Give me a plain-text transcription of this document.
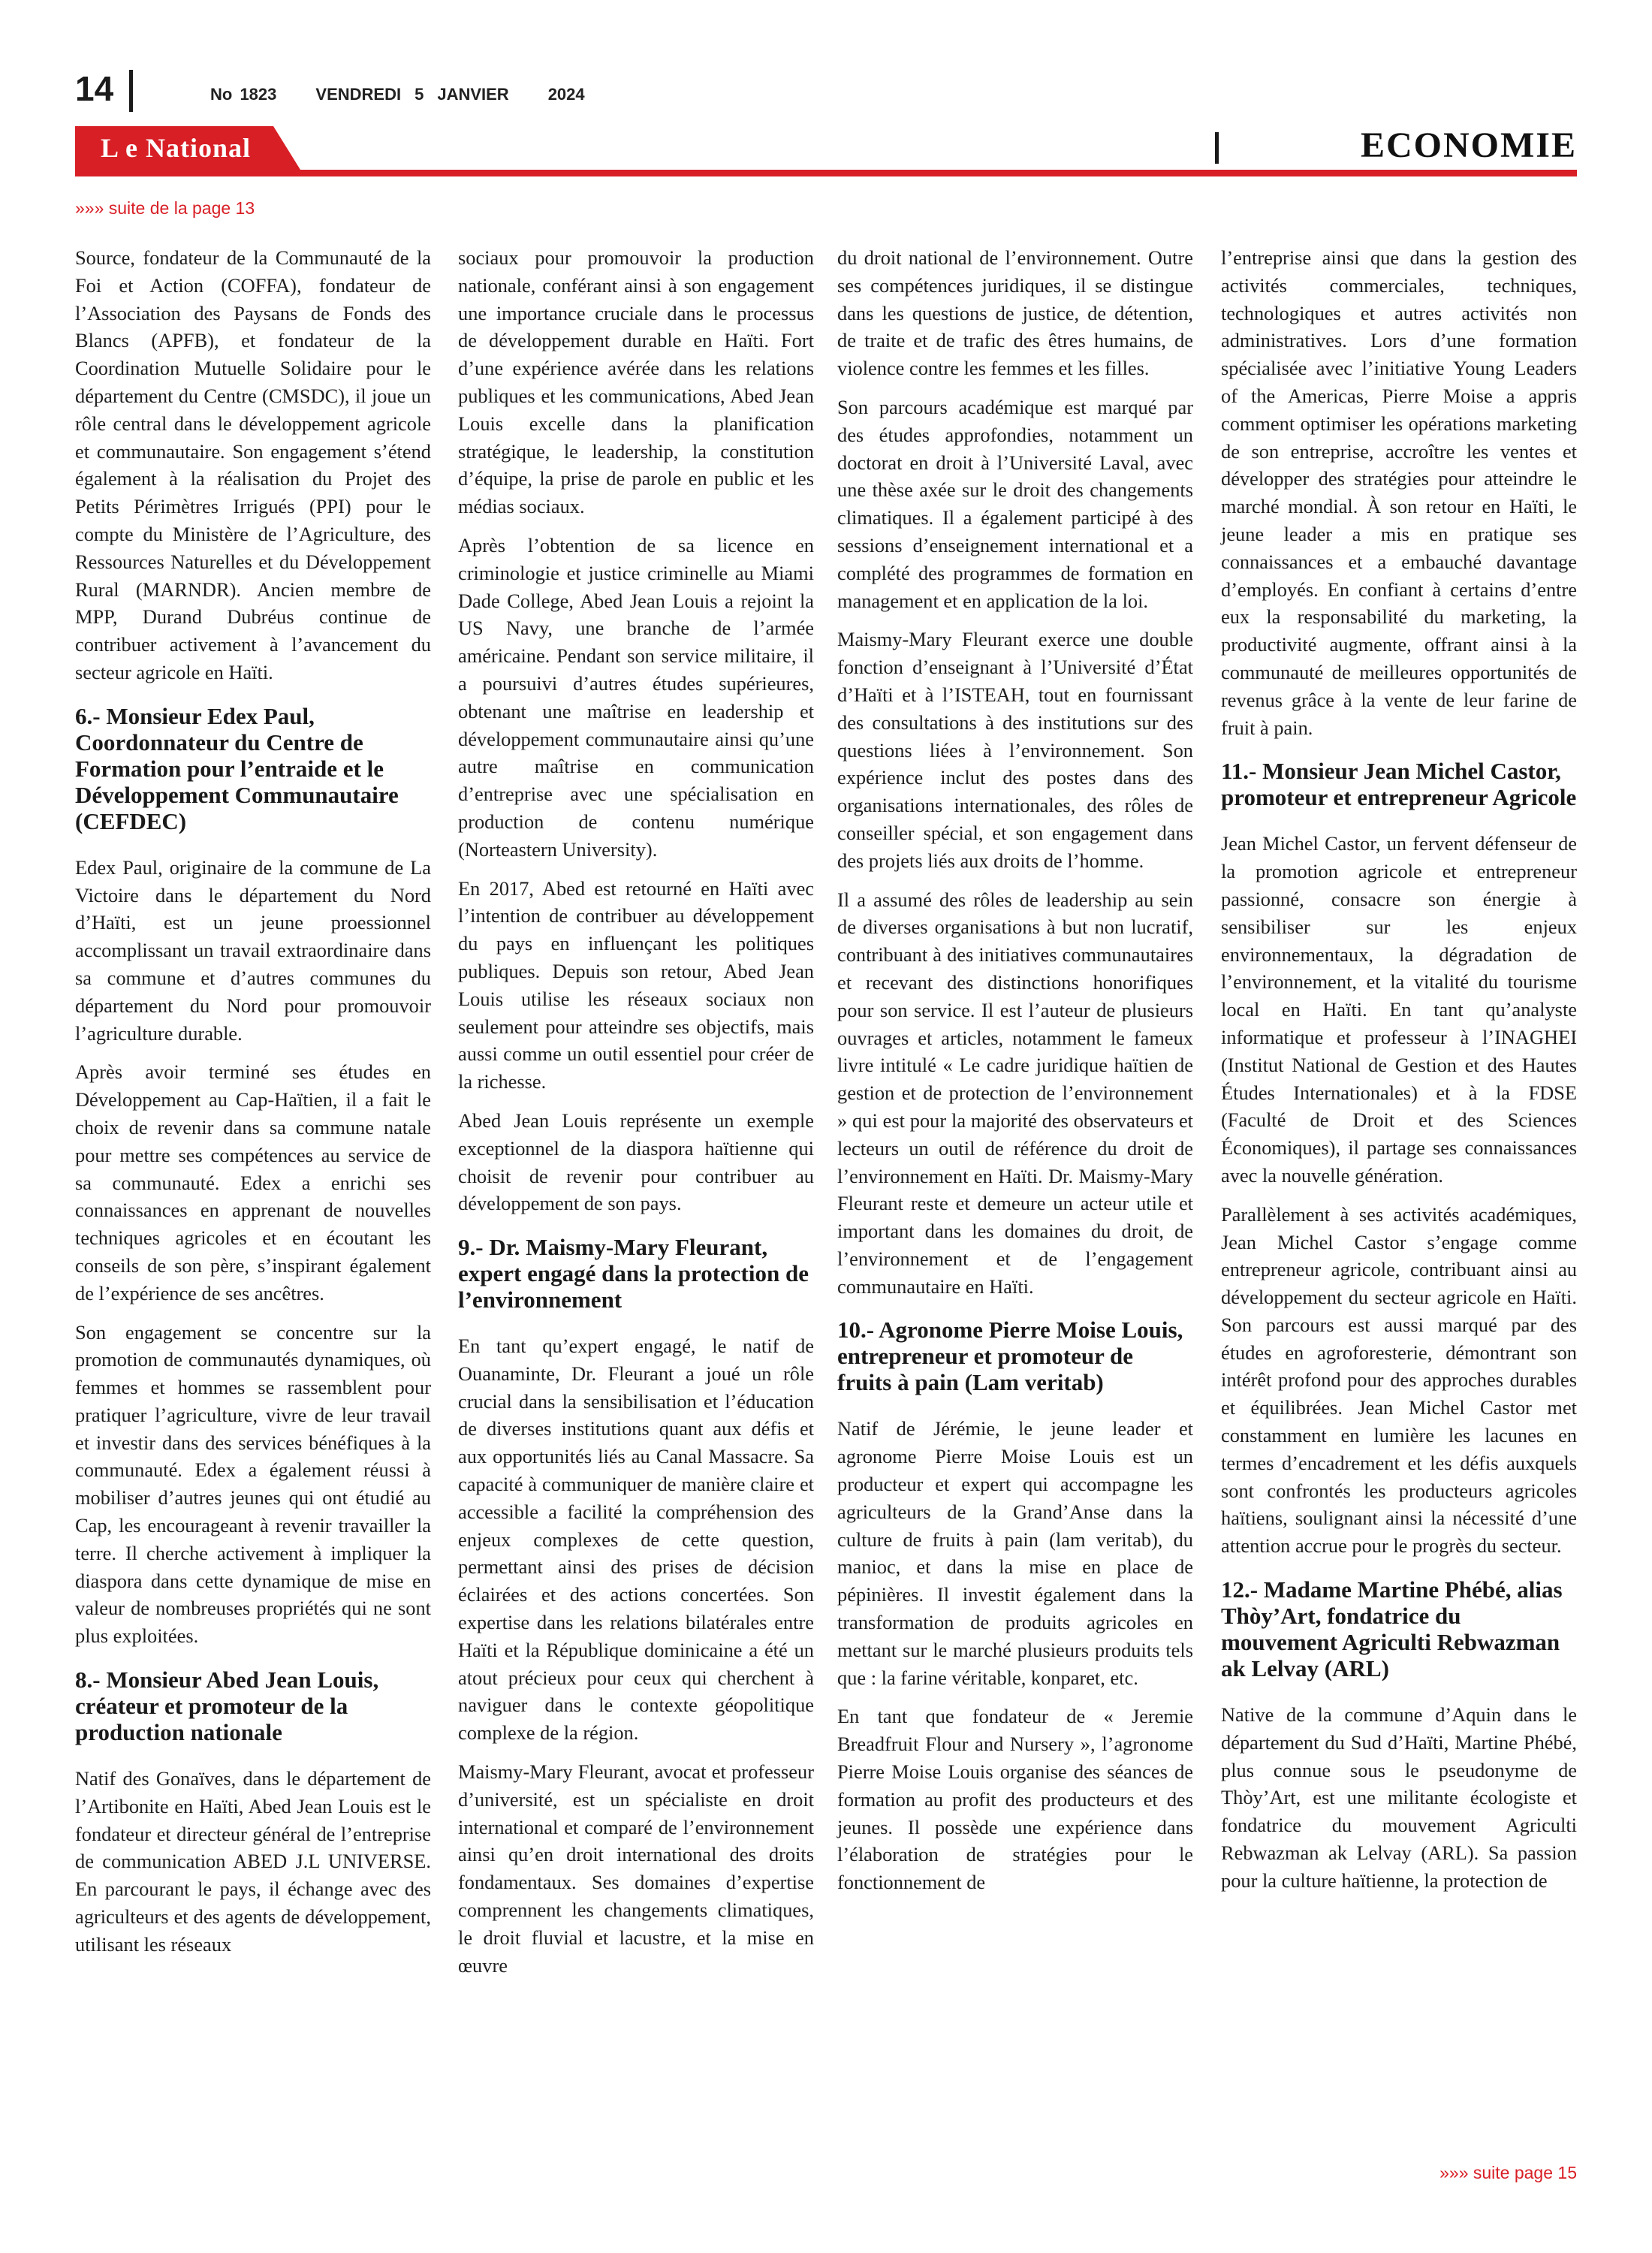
14	No 1823 VENDREDI 5 JANVIER 2024
L e National	ECONOMIE
»»» suite de la page 13

Source, fondateur de la Communauté de la Foi et Action (COFFA), fondateur de l’Association des Paysans de Fonds des Blancs (APFB), et fondateur de la Coordination Mutuelle Solidaire pour le département du Centre (CMSDC), il joue un rôle central dans le développement agricole et communautaire. Son engagement s’étend également à la réalisation du Projet des Petits Périmètres Irrigués (PPI) pour le compte du Ministère de l’Agriculture, des Ressources Naturelles et du Développement Rural (MARNDR). Ancien membre de MPP, Durand Dubréus continue de contribuer activement à l’avancement du secteur agricole en Haïti.

6.- Monsieur Edex Paul, Coordonnateur du Centre de Formation pour l’entraide et le Développement Communautaire (CEFDEC)

Edex Paul, originaire de la commune de La Victoire dans le département du Nord d’Haïti, est un jeune proessionnel accomplissant un travail extraordinaire dans sa commune et d’autres communes du département du Nord pour promouvoir l’agriculture durable.

Après avoir terminé ses études en Développement au Cap-Haïtien, il a fait le choix de revenir dans sa commune natale pour mettre ses compétences au service de sa communauté. Edex a enrichi ses connaissances en apprenant de nouvelles techniques agricoles et en écoutant les conseils de son père, s’inspirant également de l’expérience de ses ancêtres.

Son engagement se concentre sur la promotion de communautés dynamiques, où femmes et hommes se rassemblent pour pratiquer l’agriculture, vivre de leur travail et investir dans des services bénéfiques à la communauté. Edex a également réussi à mobiliser d’autres jeunes qui ont étudié au Cap, les encourageant à revenir travailler la terre. Il cherche activement à impliquer la diaspora dans cette dynamique de mise en valeur de nombreuses propriétés qui ne sont plus exploitées.

8.- Monsieur Abed Jean Louis, créateur et promoteur de la production nationale

Natif des Gonaïves, dans le département de l’Artibonite en Haïti, Abed Jean Louis est le fondateur et directeur général de l’entreprise de communication ABED J.L UNIVERSE. En parcourant le pays, il échange avec des agriculteurs et des agents de développement, utilisant les réseaux

sociaux pour promouvoir la production nationale, conférant ainsi à son engagement une importance cruciale dans le processus de développement durable en Haïti. Fort d’une expérience avérée dans les relations publiques et les communications, Abed Jean Louis excelle dans la planification stratégique, le leadership, la constitution d’équipe, la prise de parole en public et les médias sociaux.

Après l’obtention de sa licence en criminologie et justice criminelle au Miami Dade College, Abed Jean Louis a rejoint la US Navy, une branche de l’armée américaine. Pendant son service militaire, il a poursuivi d’autres études supérieures, obtenant une maîtrise en leadership et développement communautaire ainsi qu’une autre maîtrise en communication d’entreprise avec une spécialisation en production de contenu numérique (Norteastern University).

En 2017, Abed est retourné en Haïti avec l’intention de contribuer au développement du pays en influençant les politiques publiques. Depuis son retour, Abed Jean Louis utilise les réseaux sociaux non seulement pour atteindre ses objectifs, mais aussi comme un outil essentiel pour créer de la richesse.

Abed Jean Louis représente un exemple exceptionnel de la diaspora haïtienne qui choisit de revenir pour contribuer au développement de son pays.

9.- Dr. Maismy-Mary Fleurant, expert engagé dans la protection de l’environnement

En tant qu’expert engagé, le natif de Ouanaminte, Dr. Fleurant a joué un rôle crucial dans la sensibilisation et l’éducation de diverses institutions quant aux défis et aux opportunités liés au Canal Massacre. Sa capacité à communiquer de manière claire et accessible a facilité la compréhension des enjeux complexes de cette question, permettant ainsi des prises de décision éclairées et des actions concertées. Son expertise dans les relations bilatérales entre Haïti et la République dominicaine a été un atout précieux pour ceux qui cherchent à naviguer dans le contexte géopolitique complexe de la région.

Maismy-Mary Fleurant, avocat et professeur d’université, est un spécialiste en droit international et comparé de l’environnement ainsi qu’en droit international des droits fondamentaux. Ses domaines d’expertise comprennent les changements climatiques, le droit fluvial et lacustre, et la mise en œuvre

du droit national de l’environnement. Outre ses compétences juridiques, il se distingue dans les questions de justice, de détention, de traite et de trafic des êtres humains, de violence contre les femmes et les filles.

Son parcours académique est marqué par des études approfondies, notamment un doctorat en droit à l’Université Laval, avec une thèse axée sur le droit des changements climatiques. Il a également participé à des sessions d’enseignement international et a complété des programmes de formation en management et en application de la loi.

Maismy-Mary Fleurant exerce une double fonction d’enseignant à l’Université d’État d’Haïti et à l’ISTEAH, tout en fournissant des consultations à des institutions sur des questions liées à l’environnement. Son expérience inclut des postes dans des organisations internationales, des rôles de conseiller spécial, et son engagement dans des projets liés aux droits de l’homme.

Il a assumé des rôles de leadership au sein de diverses organisations à but non lucratif, contribuant à des initiatives communautaires et recevant des distinctions honorifiques pour son service. Il est l’auteur de plusieurs ouvrages et articles, notamment le fameux livre intitulé « Le cadre juridique haïtien de gestion et de protection de l’environnement » qui est pour la majorité des observateurs et lecteurs un outil de référence du droit de l’environnement en Haïti. Dr. Maismy-Mary Fleurant reste et demeure un acteur utile et important dans les domaines du droit, de l’environnement et de l’engagement communautaire en Haïti.

10.- Agronome Pierre Moise Louis, entrepreneur et promoteur de fruits à pain (Lam veritab)

Natif de Jérémie, le jeune leader et agronome Pierre Moise Louis est un producteur et expert qui accompagne les agriculteurs de la Grand’Anse dans la culture de fruits à pain (lam veritab), du manioc, et dans la mise en place de pépinières. Il investit également dans la transformation de produits agricoles en mettant sur le marché plusieurs produits tels que : la farine véritable, konparet, etc.

En tant que fondateur de « Jeremie Breadfruit Flour and Nursery », l’agronome Pierre Moise Louis organise des séances de formation au profit des producteurs et des jeunes. Il possède une expérience dans l’élaboration de stratégies pour le fonctionnement de

l’entreprise ainsi que dans la gestion des activités commerciales, techniques, technologiques et autres activités non administratives. Lors d’une formation spécialisée avec l’initiative Young Leaders of the Americas, Pierre Moise a appris comment optimiser les opérations marketing de son entreprise, accroître les ventes et développer des stratégies pour atteindre le marché mondial. À son retour en Haïti, le jeune leader a mis en pratique ses connaissances et a embauché davantage d’employés. En confiant à certains d’entre eux la responsabilité du marketing, la productivité augmente, offrant ainsi à la communauté de meilleures opportunités de revenus grâce à la vente de leur farine de fruit à pain.

11.- Monsieur Jean Michel Castor, promoteur et entrepreneur Agricole

Jean Michel Castor, un fervent défenseur de la promotion agricole et entrepreneur passionné, consacre son énergie à sensibiliser sur les enjeux environnementaux, la dégradation de l’environnement, et la vitalité du tourisme local en Haïti. En tant qu’analyste informatique et professeur à l’INAGHEI (Institut National de Gestion et des Hautes Études Internationales) et à la FDSE (Faculté de Droit et des Sciences Économiques), il partage ses connaissances avec la nouvelle génération.

Parallèlement à ses activités académiques, Jean Michel Castor s’engage comme entrepreneur agricole, contribuant ainsi au développement du secteur agricole en Haïti. Son parcours est aussi marqué par des études en agroforesterie, démontrant son intérêt profond pour des approches durables et équilibrées. Jean Michel Castor met constamment en lumière les lacunes en termes d’encadrement et les défis auxquels sont confrontés les producteurs agricoles haïtiens, soulignant ainsi la nécessité d’une attention accrue pour le progrès du secteur.

12.- Madame Martine Phébé, alias Thòy’Art, fondatrice du mouvement Agriculti Rebwazman ak Lelvay (ARL)

Native de la commune d’Aquin dans le département du Sud d’Haïti, Martine Phébé, plus connue sous le pseudonyme de Thòy’Art, est une militante écologiste et fondatrice du mouvement Agriculti Rebwazman ak Lelvay (ARL). Sa passion pour la culture haïtienne, la protection de

»»» suite page 15
